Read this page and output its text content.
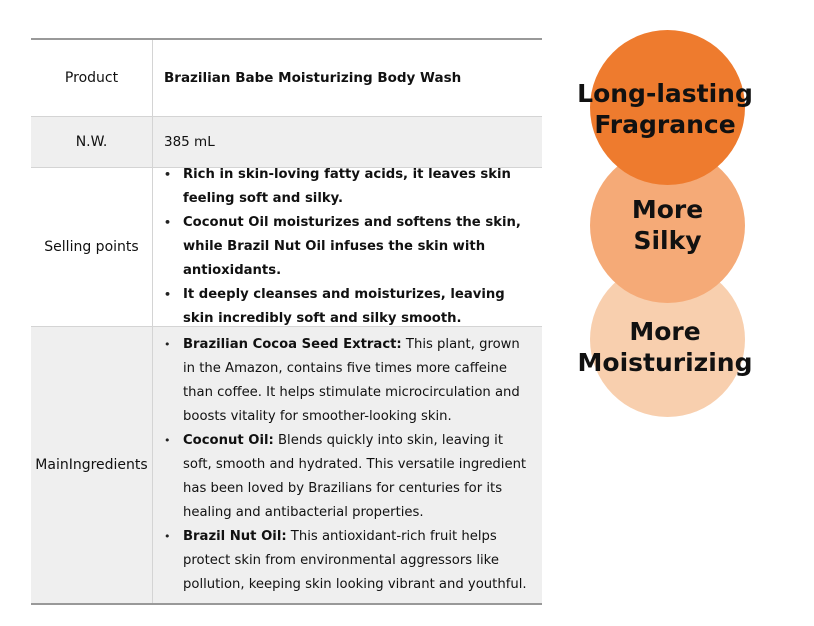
Product	Brazilian Babe Moisturizing Body Wash
N.W.	385 mL
Selling points
• Rich in skin-loving fatty acids, it leaves skin feeling soft and silky.
• Coconut Oil moisturizes and softens the skin, while Brazil Nut Oil infuses the skin with antioxidants.
• It deeply cleanses and moisturizes, leaving skin incredibly soft and silky smooth.
Main Ingredients
• Brazilian Cocoa Seed Extract: This plant, grown in the Amazon, contains five times more caffeine than coffee. It helps stimulate microcirculation and boosts vitality for smoother-looking skin.
• Coconut Oil: Blends quickly into skin, leaving it soft, smooth and hydrated. This versatile ingredient has been loved by Brazilians for centuries for its healing and antibacterial properties.
• Brazil Nut Oil: This antioxidant-rich fruit helps protect skin from environmental aggressors like pollution, keeping skin looking vibrant and youthful.
Long-lasting
Fragrance
More
Silky
More
Moisturizing
